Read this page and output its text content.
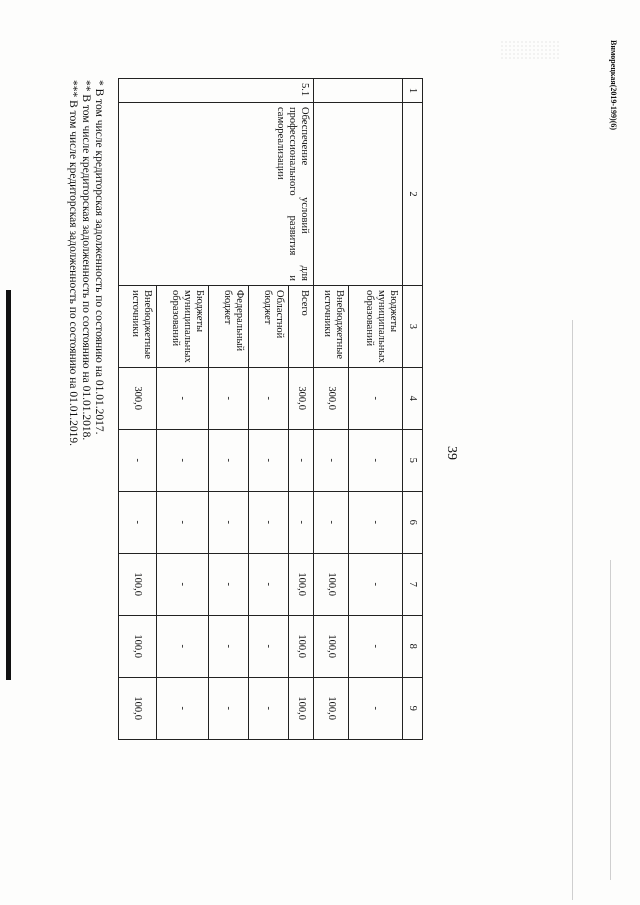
39
Внморецкая(2019-199)(6)
1	2	3	4	5	6	7	8	9
		Бюджеты муниципальных образований	-	-	-	-	-	-
		Внебюджетные источники	300,0	-	-	100,0	100,0	100,0
5.1	Обеспечение условий для профессионального развития и самореализации	Всего	300,0	-	-	100,0	100,0	100,0
		Областной бюджет	-	-	-	-	-	-
		Федеральный бюджет	-	-	-	-	-	-
		Бюджеты муниципальных образований	-	-	-	-	-	-
		Внебюджетные источники	300,0	-	-	100,0	100,0	100,0
* В том числе кредиторская задолженность по состоянию на 01.01.2017.
** В том числе кредиторская задолженность по состоянию на 01.01.2018.
*** В том числе кредиторская задолженность по состоянию на 01.01.2019.
